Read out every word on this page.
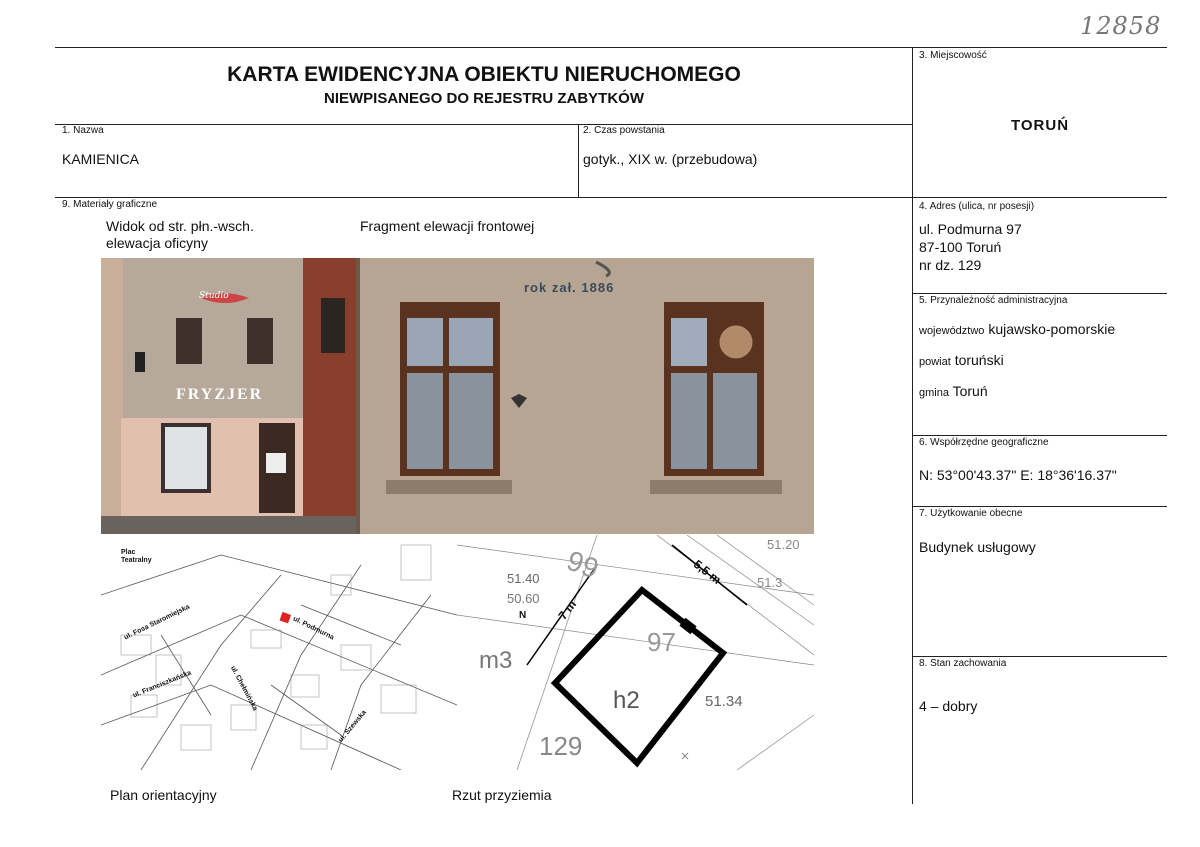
12858
KARTA EWIDENCYJNA OBIEKTU NIERUCHOMEGO
NIEWPISANEGO DO REJESTRU ZABYTKÓW
1. Nazwa
KAMIENICA
2. Czas powstania
gotyk., XIX w. (przebudowa)
3. Miejscowość
TORUŃ
4. Adres (ulica, nr posesji)
ul. Podmurna 97
87-100 Toruń
nr dz. 129
5. Przynależność administracyjna
województwo kujawsko-pomorskie
powiat toruński
gmina Toruń
6. Współrzędne geograficzne
N: 53°00'43.37" E: 18°36'16.37"
7. Użytkowanie obecne
Budynek usługowy
8. Stan zachowania
4 – dobry
9. Materiały graficzne
Widok od str. płn.-wsch.
elewacja oficyny
Fragment elewacji frontowej
Plan orientacyjny	Rzut przyziemia
FRYZJER
Studio
rok zał. 1886
Plac
Teatralny
ul. Fosa Staromiejska	ul. Podmurna
ul. Franciszkańska	ul. Chełmińska
ul. Szewska
N
5,5 m
7 m
h2
51.40
50.60
51.34
51.3
51.20
129
97
99
m3
